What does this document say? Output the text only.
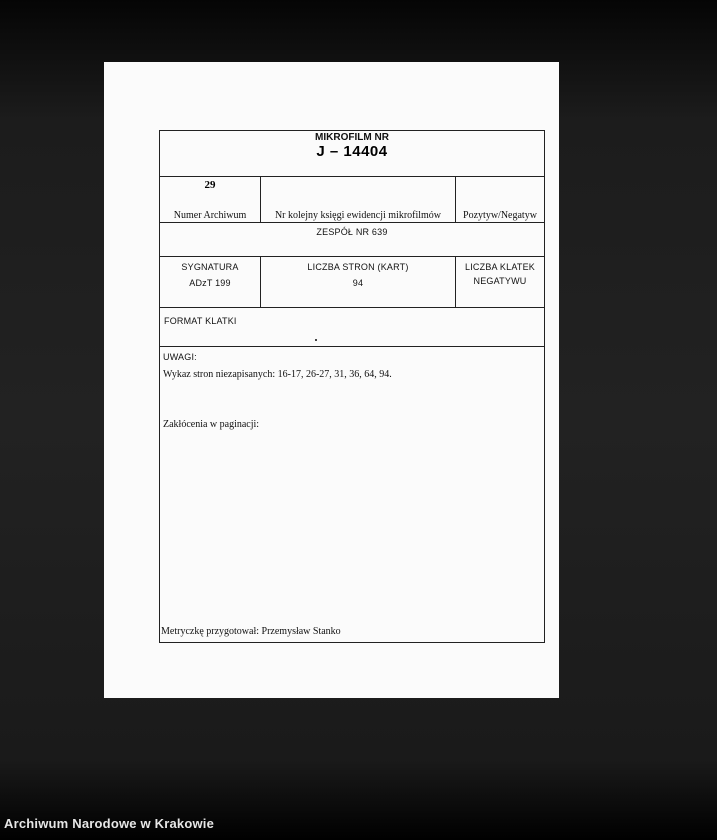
MIKROFILM NR
J – 14404
29
Numer Archiwum	Nr kolejny księgi ewidencji mikrofilmów	Pozytyw/Negatyw
ZESPÓŁ NR 639
SYGNATURA
ADzT 199
LICZBA STRON (KART)
94
LICZBA KLATEK
NEGATYWU
FORMAT KLATKI
UWAGI:
Wykaz stron niezapisanych: 16-17, 26-27, 31, 36, 64, 94.
Zakłócenia w paginacji:
Metryczkę przygotował: Przemysław Stanko
Archiwum Narodowe w Krakowie
